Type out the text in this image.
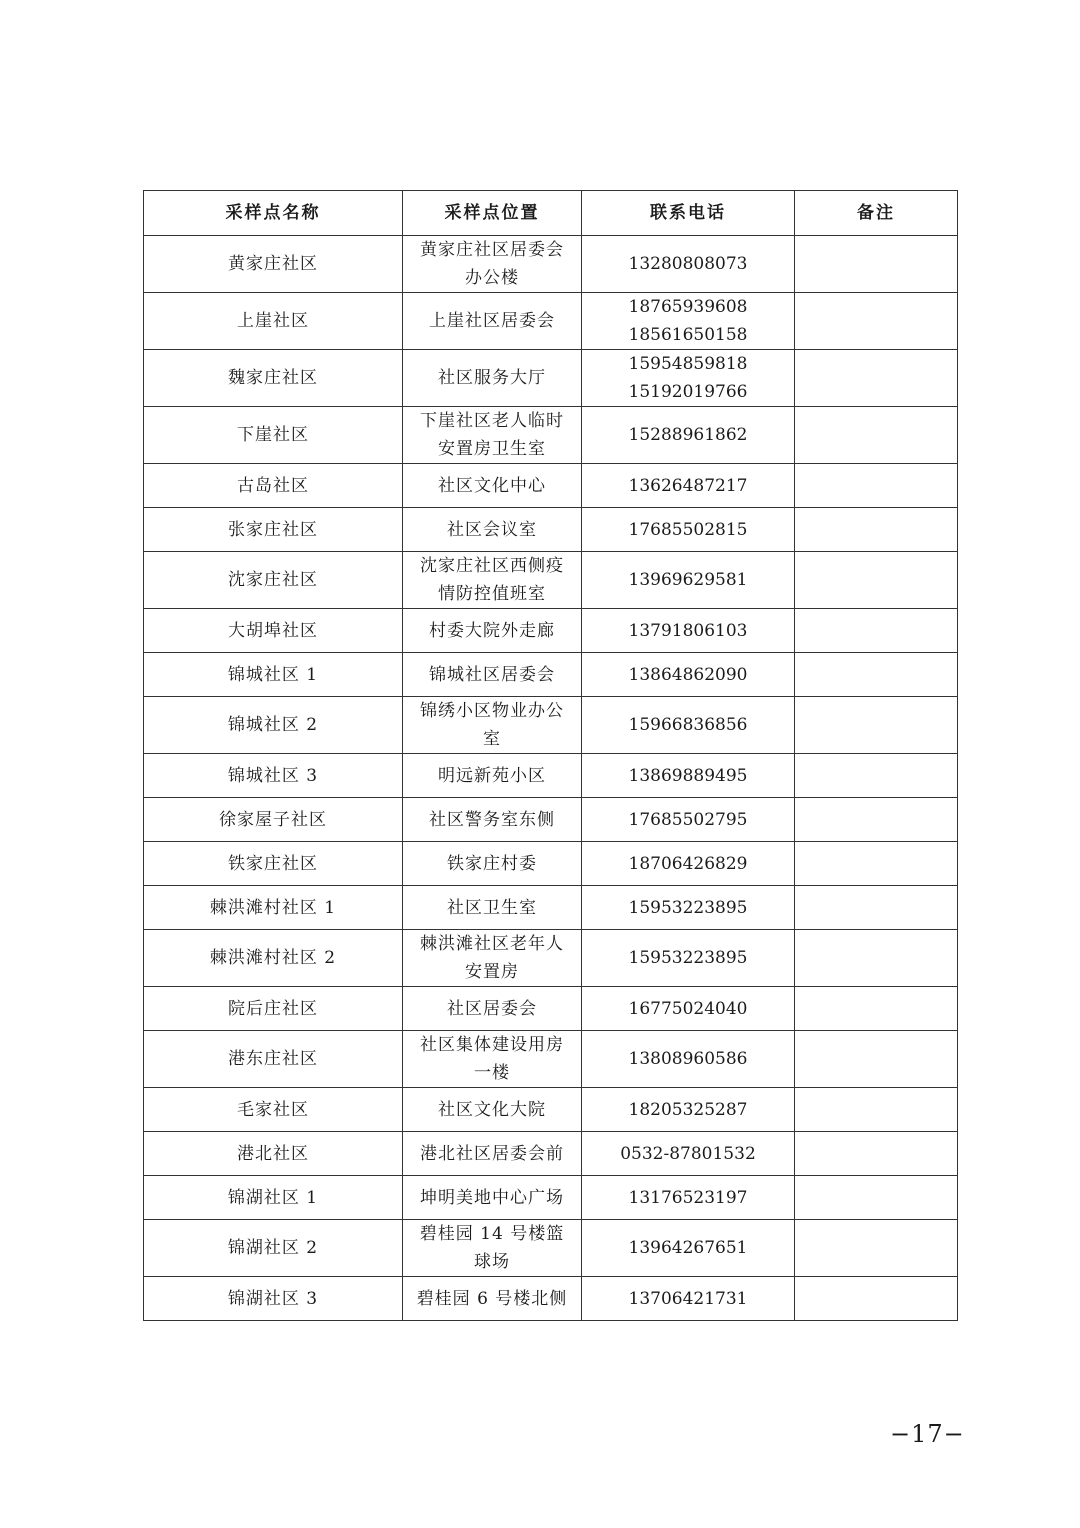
采样点名称	采样点位置	联系电话	备注
黄家庄社区	黄家庄社区居委会办公楼	13280808073	

上崖社区	上崖社区居委会	18765939608
18561650158	

魏家庄社区	社区服务大厅	15954859818
15192019766	

下崖社区	下崖社区老人临时安置房卫生室	15288961862	

古岛社区	社区文化中心	13626487217	

张家庄社区	社区会议室	17685502815	

沈家庄社区	沈家庄社区西侧疫情防控值班室	13969629581	

大胡埠社区	村委大院外走廊	13791806103	

锦城社区 1	锦城社区居委会	13864862090	

锦城社区 2	锦绣小区物业办公室	15966836856	

锦城社区 3	明远新苑小区	13869889495	

徐家屋子社区	社区警务室东侧	17685502795	

铁家庄社区	铁家庄村委	18706426829	

棘洪滩村社区 1	社区卫生室	15953223895	

棘洪滩村社区 2	棘洪滩社区老年人安置房	15953223895	

院后庄社区	社区居委会	16775024040	

港东庄社区	社区集体建设用房一楼	13808960586	

毛家社区	社区文化大院	18205325287	

港北社区	港北社区居委会前	0532-87801532	

锦湖社区 1	坤明美地中心广场	13176523197	

锦湖社区 2	碧桂园 14 号楼篮球场	13964267651	

锦湖社区 3	碧桂园 6 号楼北侧	13706421731	

−17−
